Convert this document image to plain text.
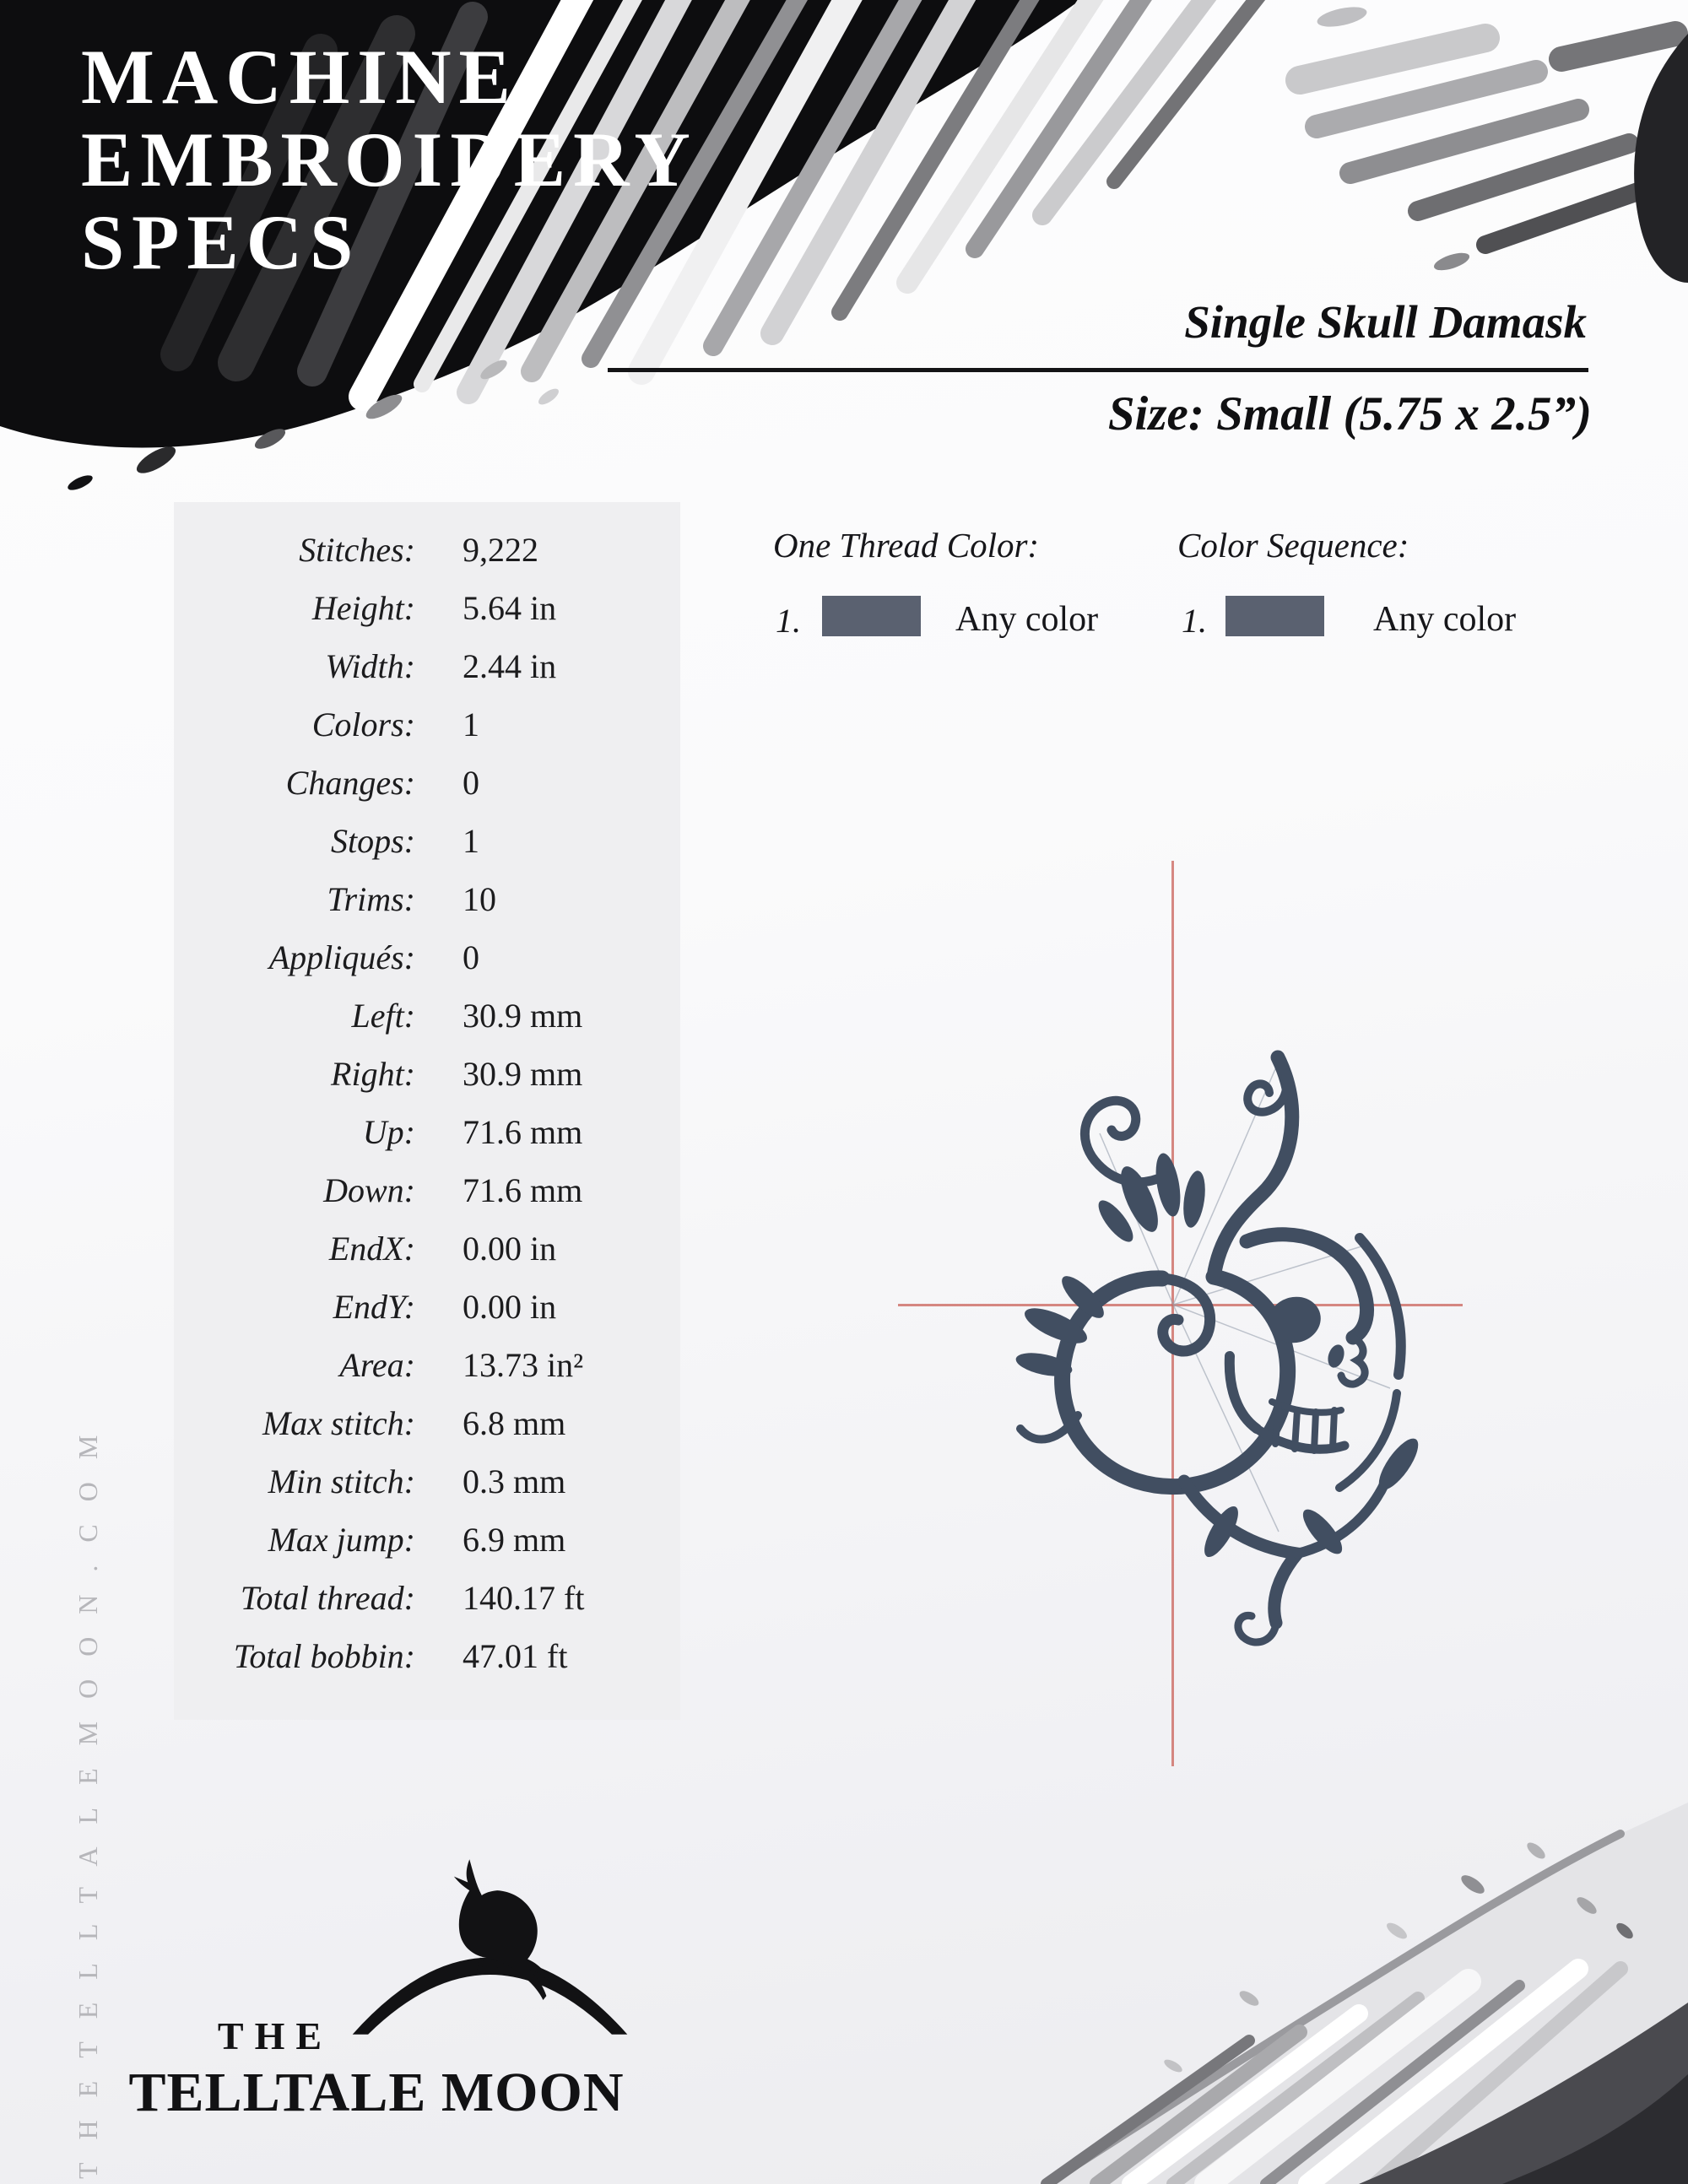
MACHINE
EMBROIDERY
SPECS
Single Skull Damask
Size: Small (5.75 x 2.5”)
Stitches: 9,222
Height: 5.64 in
Width: 2.44 in
Colors: 1
Changes: 0
Stops: 1
Trims: 10
Appliqués: 0
Left: 30.9 mm
Right: 30.9 mm
Up: 71.6 mm
Down: 71.6 mm
EndX: 0.00 in
EndY: 0.00 in
Area: 13.73 in²
Max stitch: 6.8 mm
Min stitch: 0.3 mm
Max jump: 6.9 mm
Total thread: 140.17 ft
Total bobbin: 47.01 ft
One Thread Color:	Color Sequence:
1.	Any color 1.	Any color
THETELLTALEMOON.COM	THE
TELLTALE MOON
